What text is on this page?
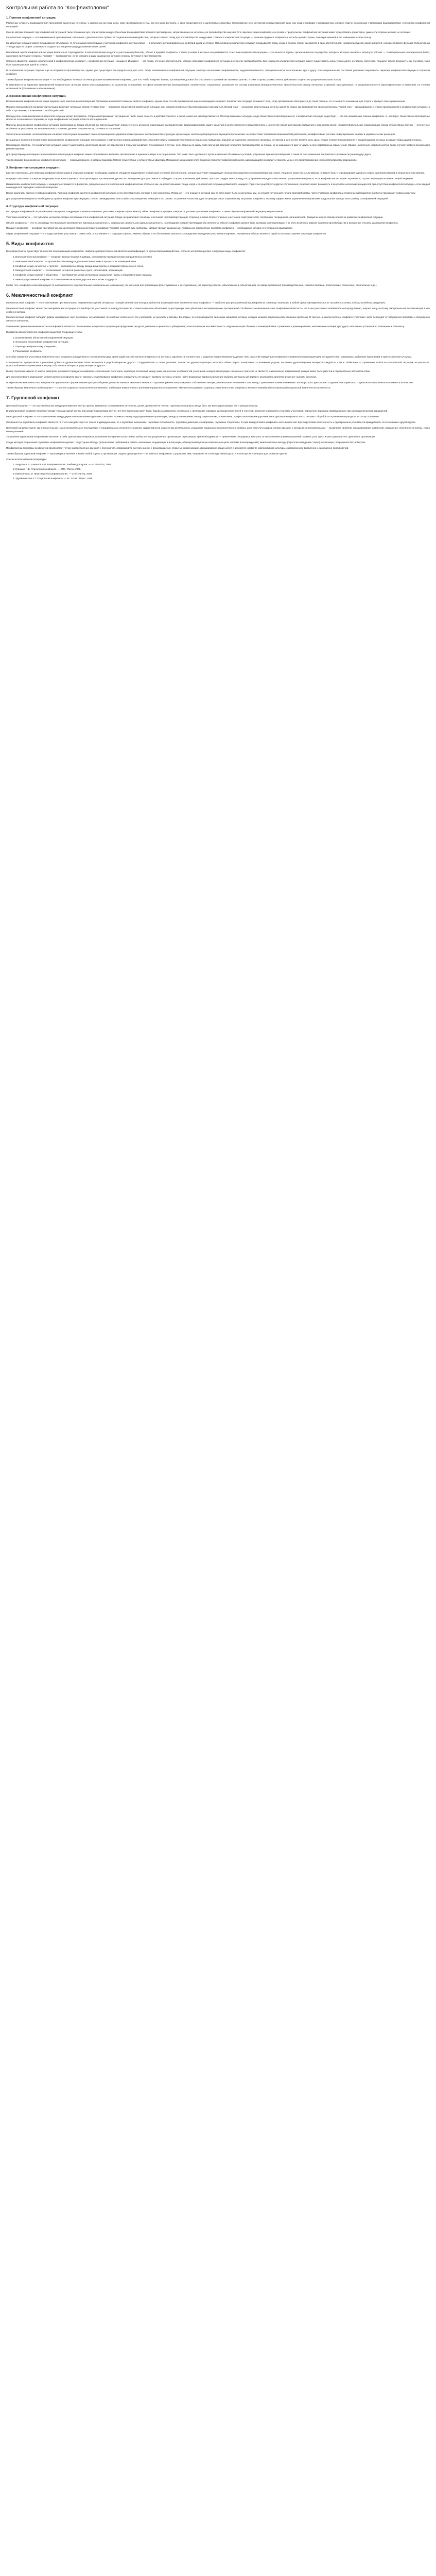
Контрольная работа по "Конфликтологии"
1. Понятие конфликтной ситуации.

Различные субъекты взаимодействия преследуют различные интересы, у каждого из них свои цели, свои представления о том, как эти цели достигать, и свои представления о допустимых средствах. Столкновение этих интересов и представлений рано или поздно приводит к противоречию, которое, будучи осознанным участниками взаимодействия, становится конфликтной ситуацией.

Многие авторы понимают под конфликтной ситуацией такое положение дел, при котором между субъектами взаимодействия возникло противоречие, затрагивающее их интересы, но противоборства ещё нет. Это скрытая стадия конфликта, его основа и предпосылка. Конфликтная ситуация может существовать объективно, даже если стороны её пока не осознают.

Конфликтная ситуация — это накопившиеся противоречия, связанные с деятельностью субъектов социального взаимодействия, которые создают почву для противоборства между ними. Главное в конфликтной ситуации — наличие предмета конфликта и хотя бы одной стороны, заинтересованной в его изменении в свою пользу.

Конфликтная ситуация может складываться объективно, то есть помимо воли будущих участников конфликта, и субъективно — в результате целенаправленных действий одной из сторон. Объективная конфликтная ситуация складывается тогда, когда интересы сторон расходятся в силу обстоятельств: нехватки ресурсов, различия целей, несовместимости функций. Субъективная — когда одна из сторон сознательно создаёт противоречие ради достижения своих целей.

Важнейшей чертой конфликтной ситуации является её структурность: в ней всегда можно выделить участников (субъектов), объект и предмет конфликта, а также условия, в которых она развивается. Участники конфликтной ситуации — это личности, группы, организации или государства, интересы которых оказались затронуты. Объект — то материальное или идеальное благо, на которое претендуют стороны. Предмет — противоречие, из-за которого и ради разрешения которого стороны вступают в противоборство.

Согласно формуле, широко используемой в конфликтологии, конфликт = конфликтная ситуация + инцидент. Инцидент — это повод, стечение обстоятельств, которое переводит конфликтную ситуацию в открытое противоборство. Без инцидента конфликтная ситуация может существовать сколь угодно долго, оставаясь латентной. Инцидент может возникнуть как случайно, так и быть спровоцирован одной из сторон.

В конфликтной ситуации стороны ещё не вступили в противоборство, однако уже существуют все предпосылки для этого. Люди, оказавшиеся в конфликтной ситуации, зачастую испытывают напряжённость, неудовлетворённость, подозрительность по отношению друг к другу. Эти эмоциональные состояния усиливают вероятность перехода конфликтной ситуации в открытый конфликт.

Таким образом, конфликтная ситуация — это необходимое, но недостаточное условие возникновения конфликта. Для того чтобы конфликт возник, противоречие должно быть осознано сторонами как значимое для них, а сами стороны должны начать действовать в целях его разрешения в свою пользу.

В зависимости от характера противоречий конфликтные ситуации можно классифицировать по различным основаниям: по сфере возникновения (экономические, политические, социальные, духовные), по составу участников (внутриличностные, межличностные, между личностью и группой, межгрупповые), по продолжительности (кратковременные и затяжные), по степени осознанности (осознанные и неосознанные).

2. Возникновение конфликтной ситуации.

Возникновению конфликтной ситуации предшествует накопление противоречий. Противоречия являются базисом любого конфликта, однако сами по себе противоречия ещё не порождают конфликт. Конфликтная ситуация возникает тогда, когда противоречия обостряются до такой степени, что становятся значимыми для сторон и требуют своего разрешения.

Процесс возникновения конфликтной ситуации включает несколько этапов. Первый этап — появление объективной проблемной ситуации, при которой интересы субъектов начинают расходиться. Второй этап — осознание этой ситуации хотя бы одной из сторон как противоречия своим интересам. Третий этап — формирование у сторон представлений о конфликтной ситуации, о себе и противнике, о возможных способах действий.

Важную роль в возникновении конфликтной ситуации играет восприятие. Стороны воспринимают ситуацию не такой, какая она есть в действительности, а такой, какой она им представляется. Поэтому возможны ситуации, когда объективного противоречия нет, а конфликтная ситуация существует — это так называемые ложные конфликты. И, наоборот, объективное противоречие может не осознаваться сторонами, и тогда конфликтная ситуация остаётся потенциальной.

Причины возникновения конфликтных ситуаций многообразны. Среди объективных причин выделяют: ограниченность ресурсов, подлежащих распределению; взаимозависимость задач; различия в целях; различия в представлениях и ценностях; различия в манере поведения и жизненном опыте; неудовлетворительные коммуникации. Среди субъективных причин — личностные особенности участников, их эмоциональное состояние, уровень конфликтности, склонность к агрессии.

Значительное влияние на возникновение конфликтной ситуации оказывают также организационно-управленческие причины: несовершенство структуры организации, нечёткое распределение функций и полномочий, несоответствие требований возможностям работников, неэффективная система стимулирования, ошибки в управленческих решениях.

В социально-психологическом плане возникновение конфликтной ситуации часто связано с нарушением норм взаимодействия, несоответствием ожиданий участников их реальному поведению, борьбой за лидерство, различием групповых интересов и ценностей. Особую роль здесь играют стереотипы восприятия и предубеждения, которые искажают образ другой стороны.

Необходимо отметить, что конфликтная ситуация может существовать длительное время, не перерастая в открытый конфликт. Это возможно в случае, если стороны по каким-либо причинам избегают открытого противоборства: из страха, из-за зависимости друг от друга, в силу нормативных ограничений. Однако накопление напряжённости в таких случаях чревато внезапным и резким взрывом.

Для предотвращения перерастания конфликтной ситуации в конфликт важно своевременно выявлять противоречия и принимать меры к их разрешению. Это может быть достигнуто путём изменения объективных условий, устранения причин противоречий, а также за счёт изменения восприятия сторонами ситуации и друг друга.

Таким образом, возникновение конфликтной ситуации — сложный процесс, в котором взаимодействуют объективные и субъективные факторы. Понимание механизмов этого процесса позволяет вовремя распознать зарождающийся конфликт и принять меры к его предупреждению или конструктивному разрешению.

3. Конфликтная ситуация и инцидент.

Как уже отмечалось, для перехода конфликтной ситуации в открытый конфликт необходим инцидент. Инцидент представляет собой такое стечение обстоятельств, которое выступает поводом для начала непосредственного противоборства сторон. Инцидент может быть случайным, но может быть и спровоцирован одной из сторон, заинтересованной в открытом столкновении.

Инцидент выполняет в конфликте функцию «спускового крючка»: он актуализирует противоречия, делает их очевидными для участников и побуждает стороны к активным действиям. При этом следует иметь в виду, что устранение инцидента не означает разрешения конфликта: если конфликтная ситуация сохраняется, то рано или поздно возникнет новый инцидент.

Взаимосвязь конфликтной ситуации и инцидента отражается в формулах, предложенных в отечественной конфликтологии. Согласно им, конфликт возникает тогда, когда к конфликтной ситуации добавляется инцидент. При этом существует и другое соотношение: конфликт может возникнуть в результате нескольких инцидентов при отсутствии конфликтной ситуации, если каждый из инцидентов порождает новое противоречие.

Важно различать причину и повод конфликта. Причина конфликта кроется в конфликтной ситуации, в тех противоречиях, которые в ней накопились. Повод же — это инцидент, который сам по себе может быть незначительным, но служит толчком для начала противоборства. Часто участники конфликта и сторонние наблюдатели ошибочно принимают повод за причину.

Для разрешения конфликта необходимо устранить конфликтную ситуацию, то есть ликвидировать или ослабить противоречия, лежащие в его основе. Устранение только инцидента приводит лишь к временному затуханию конфликта. Поэтому эффективное управление конфликтами предполагает прежде всего работу с конфликтной ситуацией.

4. Структура конфликтной ситуации.

В структуре конфликтной ситуации принято выделять следующие основные элементы: участники конфликта (оппоненты), объект конфликта, предмет конфликта, условия протекания конфликта, а также образы конфликтной ситуации у её участников.

Участники конфликта — это субъекты, интересы которых затрагиваются в конфликтной ситуации. Среди них различают основных участников (противоборствующие стороны), а также второстепенных участников: подстрекателей, пособников, посредников, организаторов. Каждый из них по-своему влияет на развитие конфликтной ситуации.

Объект конфликта — это то, по поводу чего возникает противоречие: материальная ценность, социальная ценность или идеальная ценность, на обладание которой претендуют оба оппонента. Объект конфликта должен быть делимым или неделимым, и от этого во многом зависит характер противоборства и возможные способы разрешения конфликта.

Предмет конфликта — основное противоречие, из-за которого стороны вступают в конфликт. Предмет отражает суть проблемы, которая требует разрешения. Правильное определение предмета конфликта — необходимое условие его успешного разрешения.

Образ конфликтной ситуации — это представление участников о самих себе, о противнике и о ситуации в целом. Именно образы, а не объективная реальность определяют поведение участников конфликта. Искажённые образы являются одной из основных причин эскалации конфликтов.

5. Виды конфликтов

В конфликтологии существует множество классификаций конфликтов. Наиболее распространённой является классификация по субъектам взаимодействия, согласно которой выделяют следующие виды конфликтов:

1. Внутриличностный конфликт — конфликт внутри психики индивида, столкновение противоположно направленных мотивов.
2. Межличностный конфликт — противоборство между отдельными личностями в процессе их взаимодействия.
3. Конфликт между личностью и группой — противоречие между ожиданиями группы и позицией отдельного её члена.
4. Межгрупповой конфликт — столкновение интересов различных групп, коллективов, организаций.
5. Конфликт между группой и обществом — противоречие между интересами социальной группы и общественными нормами.
6. Межгосударственный конфликт — столкновение интересов двух или нескольких государств.

Кроме того, конфликты классифицируют по направленности (горизонтальные, вертикальные, смешанные), по значению для организации (конструктивные и деструктивные), по характеру причин (объективные и субъективные), по сфере проявления (производственные, семейно-бытовые, политические, этнические, религиозные и др.).

6. Межличностный конфликт

Межличностный конфликт — это столкновение противоположно направленных целей, интересов, позиций, мнений или взглядов субъектов взаимодействия. Межличностные конфликты — наиболее распространённый вид конфликтов. Они могут возникать в любой сфере жизнедеятельности: на работе, в семье, в быту, в учебных заведениях.

Межличностный конфликт можно рассматривать как ситуацию противоборства участников по поводу восприятия и осмысления ими объективно существующих или субъективно воспринимаемых противоречий. Особенностью межличностных конфликтов является то, что в них участники сталкиваются непосредственно, лицом к лицу, и потому эмоциональная составляющая в них особенно велика.

Межличностный конфликт обладает рядом характерных черт. Во-первых, он затрагивает личностные особенности его участников, их ценности и мотивы. Во-вторых, он сопровождается сильными эмоциями, которые нередко мешают рациональному решению проблемы. В-третьих, в межличностном конфликте участники часто переходят от обсуждения проблемы к обсуждению личности оппонента.

Основными причинами межличностных конфликтов являются: столкновение интересов в процессе распределения ресурсов; различие в ценностях и убеждениях; психологическая несовместимость; нарушение норм общения и взаимодействия; стремление к доминированию; непонимание позиции друг друга; негативные установки по отношению к оппоненту.

В развитии межличностного конфликта выделяют следующие этапы:

1. Возникновение объективной конфликтной ситуации;
2. Осознание объективной конфликтной ситуации;
3. Переход к конфликтному поведению;
4. Разрешение конфликта.

Способы поведения участников межличностного конфликта определяются соотношением двух ориентаций: на собственные интересы и на интересы партнёра. В соответствии с моделью Томаса-Килмена выделяют пять стратегий поведения в конфликте: соперничество (конкуренция), сотрудничество, компромисс, избегание (уклонение) и приспособление (уступка).

Соперничество предполагает стремление добиться удовлетворения своих интересов в ущерб интересам другого. Сотрудничество — поиск решения, полностью удовлетворяющего интересы обеих сторон. Компромисс — взаимные уступки, частичное удовлетворение интересов каждой из сторон. Избегание — стремление выйти из конфликтной ситуации, не решая её. Приспособление — принесение в жертву собственных интересов ради интересов другого.

Выбор стратегии зависит от многих факторов: значимости предмета конфликта, соотношения сил сторон, характера отношений между ними, личностных особенностей участников, конкретной ситуации. Ни одна из стратегий не является универсально эффективной; каждая может быть уместна в определённых обстоятельствах.

Для конструктивного разрешения межличностного конфликта важно: признать существование конфликта; определить его предмет; выявить интересы сторон; найти возможные варианты решения; выбрать оптимальный вариант; реализовать принятое решение; оценить результат.

Профилактика межличностных конфликтов предполагает формирование культуры общения, развитие навыков эмпатии и активного слушания, умение контролировать собственные эмоции, уважительное отношение к оппоненту, стремление к взаимопониманию. Большую роль здесь играет создание благоприятного социально-психологического климата в коллективе.

Таким образом, межличностный конфликт — сложное социально-психологическое явление, требующее внимательного изучения и грамотного управления. Умение конструктивно разрешать межличностные конфликты является важнейшей составляющей социальной компетентности личности.

7. Групповой конфликт

Групповой конфликт — это противоборство между группами или внутри группы, вызванное столкновением интересов, целей, ценностей её членов. Групповые конфликты могут быть как внутригрупповыми, так и межгрупповыми.

Внутригрупповой конфликт возникает между членами одной группы или между подгруппами внутри неё. Его причинами могут быть: борьба за лидерство, несогласие с групповыми нормами, распределение ролей и статусов, различия в ценностях и мотивах участников, нарушение принципа справедливости при распределении вознаграждений.

Межгрупповой конфликт — это столкновение между двумя или несколькими группами. Он может возникать между подразделениями организации, между организациями, между социальными, этническими, профессиональными группами. Межгрупповые конфликты часто связаны с борьбой за ограниченные ресурсы, за статус и влияние.

Особенностью группового конфликта является то, что в нём действуют не только индивидуальные, но и групповые механизмы: групповая сплочённость, групповое давление, конформизм, групповые стереотипы. В ходе межгруппового конфликта часто возрастает внутригрупповая сплочённость и одновременно усиливается враждебность по отношению к другой группе.

Групповой конфликт имеет как отрицательные, так и положительные последствия. К отрицательным относятся: снижение эффективности совместной деятельности, ухудшение социально-психологического климата, рост текучести кадров, потери времени и ресурсов. К положительным — выявление проблем, стимулирование изменений, повышение сплочённости группы, поиск новых решений.

Управление групповыми конфликтами включает в себя: диагностику конфликта, выявление его причин и участников; выбор метода разрешения; организацию переговоров; при необходимости — привлечение посредника; контроль за выполнением принятых решений. Важную роль здесь играет руководитель группы или организации.

Среди методов разрешения групповых конфликтов выделяют: структурные методы (разъяснение требований к работе, механизмы координации и интеграции, общеорганизационные комплексные цели, система вознаграждений); межличностные методы (стратегии поведения сторон); переговоры; посредничество; арбитраж.

Профилактика групповых конфликтов предполагает чёткое распределение функций и полномочий, справедливую систему оценки и вознаграждения, открытые коммуникации, формирование общих целей и ценностей, развитие корпоративной культуры, своевременное выявление и разрешение противоречий.

Таким образом, групповой конфликт — закономерное явление в жизни любой группы и организации. Задача руководителя — не избегать конфликтов, а управлять ими, направляя их в конструктивное русло и используя их потенциал для развития группы.

Список использованной литературы:

1. Анцупов А.Я., Шипилов А.И. Конфликтология: Учебник для вузов. — М.: ЮНИТИ, 2004.
2. Гришина Н.В. Психология конфликта. — СПб.: Питер, 2005.
3. Емельянов С.М. Практикум по конфликтологии. — СПб.: Питер, 2003.
4. Здравомыслов А.Г. Социология конфликта. — М.: Аспект Пресс, 1996.
